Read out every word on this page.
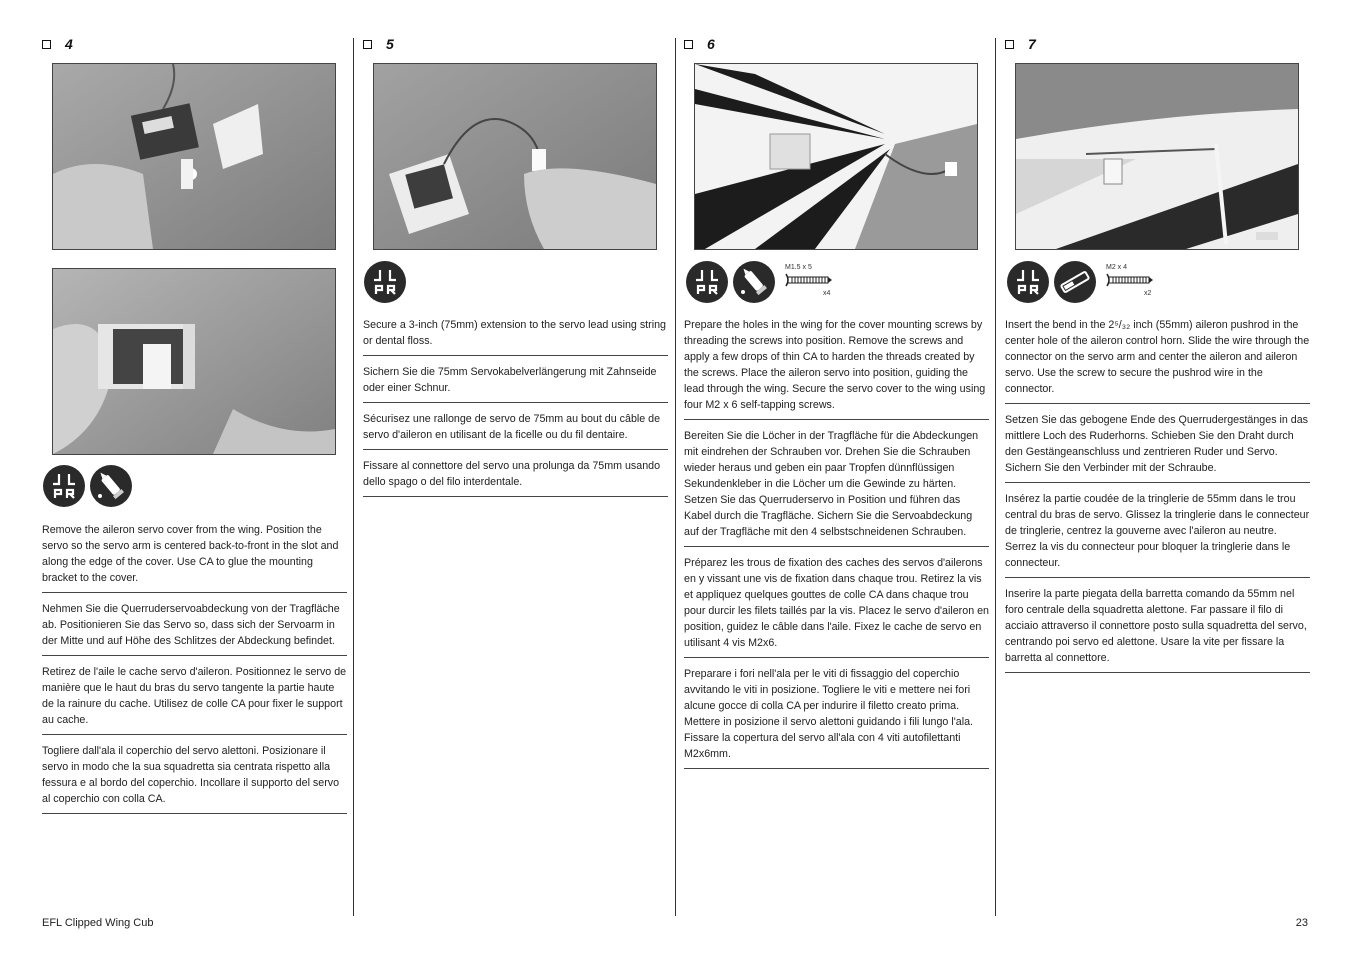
4
Remove the aileron servo cover from the wing. Position the servo so the servo arm is centered back-to-front in the slot and along the edge of the cover. Use CA to glue the mounting bracket to the cover.
Nehmen Sie die Querruderservoabdeckung von der Tragfläche ab. Positionieren Sie das Servo so, dass sich der Servoarm in der Mitte und auf Höhe des Schlitzes der Abdeckung befindet.
Retirez de l'aile le cache servo d'aileron. Positionnez le servo de manière que le haut du bras du servo tangente la partie haute de la rainure du cache. Utilisez de colle CA pour fixer le support au cache.
Togliere dall'ala il coperchio del servo alettoni. Posizionare il servo in modo che la sua squadretta sia centrata rispetto alla fessura e al bordo del coperchio. Incollare il supporto del servo al coperchio con colla CA.
5
Secure a 3-inch (75mm) extension to the servo lead using string or dental floss.
Sichern Sie die 75mm Servokabelverlängerung mit Zahnseide oder einer Schnur.
Sécurisez une rallonge de servo de 75mm au bout du câble de servo d'aileron en utilisant de la ficelle ou du fil dentaire.
Fissare al connettore del servo una prolunga da 75mm usando dello spago o del filo interdentale.
6
M1.5 x 5
x4
Prepare the holes in the wing for the cover mounting screws by threading the screws into position. Remove the screws and apply a few drops of thin CA to harden the threads created by the screws. Place the aileron servo into position, guiding the lead through the wing. Secure the servo cover to the wing using four M2 x 6 self-tapping screws.
Bereiten Sie die Löcher in der Tragfläche für die Abdeckungen mit eindrehen der Schrauben vor. Drehen Sie die Schrauben wieder heraus und geben ein paar Tropfen dünnflüssigen Sekundenkleber in die Löcher um die Gewinde zu härten. Setzen Sie das Querruderservo in Position und führen das Kabel durch die Tragfläche. Sichern Sie die Servoabdeckung auf der Tragfläche mit den 4 selbstschneidenen Schrauben.
Préparez les trous de fixation des caches des servos d'ailerons en y vissant une vis de fixation dans chaque trou. Retirez la vis et appliquez quelques gouttes de colle CA dans chaque trou pour durcir les filets taillés par la vis. Placez le servo d'aileron en position, guidez le câble dans l'aile. Fixez le cache de servo en utilisant 4 vis M2x6.
Preparare i fori nell'ala per le viti di fissaggio del coperchio avvitando le viti in posizione. Togliere le viti e mettere nei fori alcune gocce di colla CA per indurire il filetto creato prima. Mettere in posizione il servo alettoni guidando i fili lungo l'ala. Fissare la copertura del servo all'ala con 4 viti autofilettanti M2x6mm.
7
M2 x 4
x2
Insert the bend in the 2⁵/₃₂ inch (55mm) aileron pushrod in the center hole of the aileron control horn. Slide the wire through the connector on the servo arm and center the aileron and aileron servo. Use the screw to secure the pushrod wire in the connector.
Setzen Sie das gebogene Ende des Querrudergestänges in das mittlere Loch des Ruderhorns. Schieben Sie den Draht durch den Gestängeanschluss und zentrieren Ruder und Servo. Sichern Sie den Verbinder mit der Schraube.
Insérez la partie coudée de la tringlerie de 55mm dans le trou central du bras de servo. Glissez la tringlerie dans le connecteur de tringlerie, centrez la gouverne avec l'aileron au neutre. Serrez la vis du connecteur pour bloquer la tringlerie dans le connecteur.
Inserire la parte piegata della barretta comando da 55mm nel foro centrale della squadretta alettone. Far passare il filo di acciaio attraverso il connettore posto sulla squadretta del servo, centrando poi servo ed alettone. Usare la vite per fissare la barretta al connettore.
EFL Clipped Wing Cub	23
